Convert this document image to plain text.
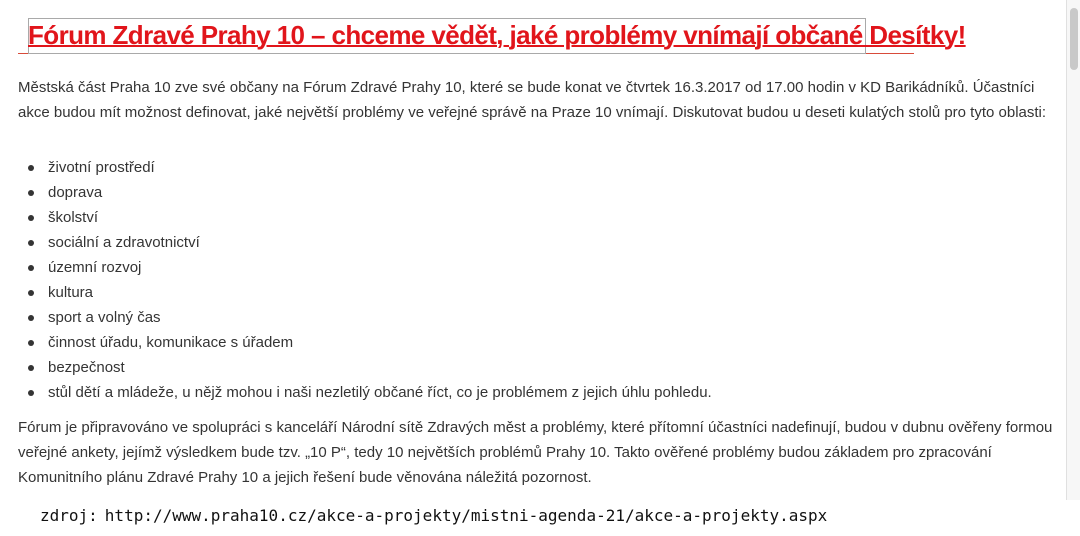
Fórum Zdravé Prahy 10 – chceme vědět, jaké problémy vnímají občané Desítky!

Městská část Praha 10 zve své občany na Fórum Zdravé Prahy 10, které se bude konat ve čtvrtek 16.3.2017 od 17.00 hodin v KD Barikádníků. Účastníci akce budou mít možnost definovat, jaké největší problémy ve veřejné správě na Praze 10 vnímají. Diskutovat budou u deseti kulatých stolů pro tyto oblasti:

životní prostředí
doprava
školství
sociální a zdravotnictví
územní rozvoj
kultura
sport a volný čas
činnost úřadu, komunikace s úřadem
bezpečnost
stůl dětí a mládeže, u nějž mohou i naši nezletilý občané říct, co je problémem z jejich úhlu pohledu.

Fórum je připravováno ve spolupráci s kanceláří Národní sítě Zdravých měst a problémy, které přítomní účastníci nadefinují, budou v dubnu ověřeny formou veřejné ankety, jejímž výsledkem bude tzv. „10 P“, tedy 10 největších problémů Prahy 10. Takto ověřené problémy budou základem pro zpracování Komunitního plánu Zdravé Prahy 10 a jejich řešení bude věnována náležitá pozornost.

zdroj: http://www.praha10.cz/akce-a-projekty/mistni-agenda-21/akce-a-projekty.aspx
